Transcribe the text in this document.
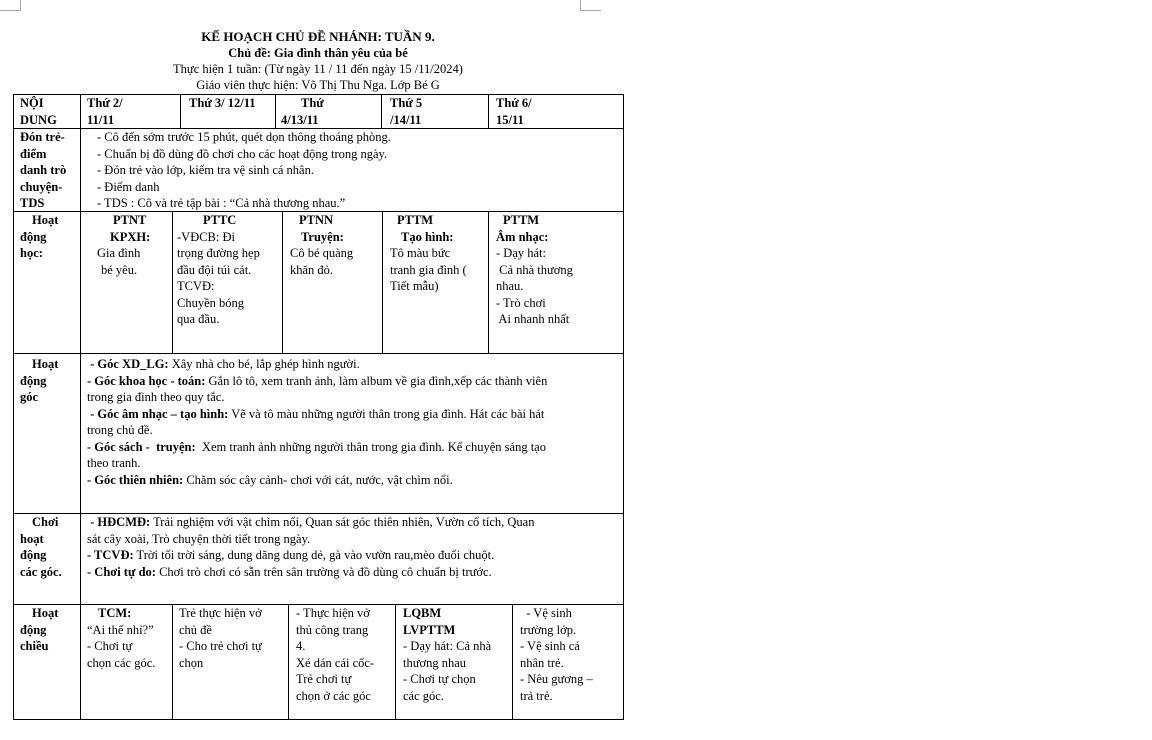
KẾ HOẠCH CHỦ ĐỀ NHÁNH: TUẦN 9.
Chủ đề: Gia đình thân yêu của bé
Thực hiện 1 tuần: (Từ ngày 11 / 11 đến ngày 15 /11/2024)
Giáo viên thực hiện: Võ Thị Thu Nga. Lớp Bé G
NỘI
DUNG
Thứ 2/
11/11
Thứ 3/ 12/11	Thứ
4/13/11
Thứ 5
/14/11
Thứ 6/
15/11
Đón trẻ-
điểm
danh trò
chuyện-
TDS
- Cô đến sớm trước 15 phút, quét dọn thông thoáng phòng.
- Chuẩn bị đồ dùng đồ chơi cho các hoạt động trong ngày.
- Đón trẻ vào lớp, kiểm tra vệ sinh cá nhân.
- Điểm danh
- TDS : Cô và trẻ tập bài : “Cả nhà thương nhau.”
Hoạt
động
học:
PTNT
KPXH:
Gia đình
bé yêu.
PTTC
-VĐCB: Đi
trọng đường hẹp
đầu đội túi cát.
TCVĐ:
Chuyền bóng
qua đầu.
PTNN
Truyện:
Cô bé quàng
khăn đỏ.
PTTM
Tạo hình:
Tô màu bức
tranh gia đình (
Tiết mẫu)
PTTM
Âm nhạc:
- Dạy hát:
Cả nhà thương
nhau.
- Trò chơi
Ai nhanh nhất
Hoạt
động
góc
- Góc XD_LG: Xây nhà cho bé, lắp ghép hình người.
- Góc khoa học - toán: Gắn lô tô, xem tranh ảnh, làm album về gia đình,xếp các thành viên
trong gia đình theo quy tắc.
- Góc âm nhạc – tạo hình: Vẽ và tô màu những người thân trong gia đình. Hát các bài hát
trong chủ đề.
- Góc sách -  truyện:  Xem tranh ảnh những người thân trong gia đình. Kể chuyện sáng tạo
theo tranh.
- Góc thiên nhiên: Chăm sóc cây cảnh- chơi với cát, nước, vật chìm nổi.
Chơi
hoạt
động
các góc.
- HĐCMĐ: Trải nghiệm với vật chìm nổi, Quan sát góc thiên nhiên, Vườn cổ tích, Quan
sát cây xoài, Trò chuyện thời tiết trong ngày.
- TCVĐ: Trời tối trời sáng, dung dăng dung dẻ, gà vào vườn rau,mèo đuổi chuột.
- Chơi tự do: Chơi trò chơi có sẵn trên sân trường và đồ dùng cô chuẩn bị trước.
Hoạt
động
chiều
TCM:
“Ai thế nhỉ?”
- Chơi tự
chọn các góc.
Trẻ thực hiện vở
chủ đề
- Cho trẻ chơi tự
chọn
- Thực hiện vở
thủ công trang
4.
Xé dán cái cốc-
Trẻ chơi tự
chọn ở các góc
LQBM
LVPTTM
- Dạy hát: Cả nhà
thương nhau
- Chơi tự chọn
các góc.
- Vệ sinh
trường lớp.
- Vệ sinh cá
nhân trẻ.
- Nêu gương –
trả trẻ.
